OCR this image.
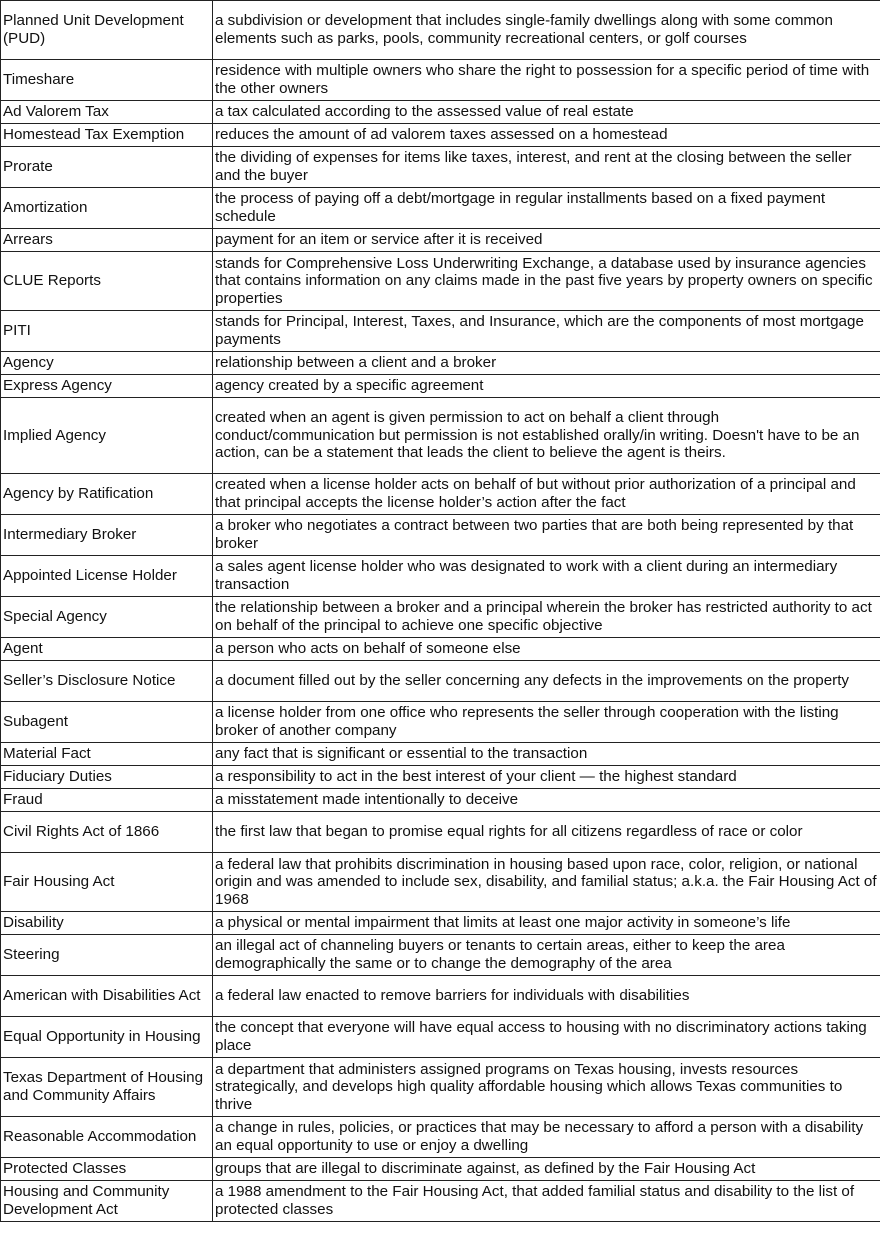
Planned Unit Development (PUD)	a subdivision or development that includes single-family dwellings along with some common elements such as parks, pools, community recreational centers, or golf courses
Timeshare	residence with multiple owners who share the right to possession for a specific period of time with the other owners
Ad Valorem Tax	a tax calculated according to the assessed value of real estate
Homestead Tax Exemption	reduces the amount of ad valorem taxes assessed on a homestead
Prorate	the dividing of expenses for items like taxes, interest, and rent at the closing between the seller and the buyer
Amortization	the process of paying off a debt/mortgage in regular installments based on a fixed payment schedule
Arrears	payment for an item or service after it is received
CLUE Reports	stands for Comprehensive Loss Underwriting Exchange, a database used by insurance agencies that contains information on any claims made in the past five years by property owners on specific properties
PITI	stands for Principal, Interest, Taxes, and Insurance, which are the components of most mortgage payments
Agency	relationship between a client and a broker
Express Agency	agency created by a specific agreement
Implied Agency	created when an agent is given permission to act on behalf a client through conduct/communication but permission is not established orally/in writing. Doesn't have to be an action, can be a statement that leads the client to believe the agent is theirs.
Agency by Ratification	created when a license holder acts on behalf of but without prior authorization of a principal and that principal accepts the license holder’s action after the fact
Intermediary Broker	a broker who negotiates a contract between two parties that are both being represented by that broker
Appointed License Holder	a sales agent license holder who was designated to work with a client during an intermediary transaction
Special Agency	the relationship between a broker and a principal wherein the broker has restricted authority to act on behalf of the principal to achieve one specific objective
Agent	a person who acts on behalf of someone else
Seller’s Disclosure Notice	a document filled out by the seller concerning any defects in the improvements on the property
Subagent	a license holder from one office who represents the seller through cooperation with the listing broker of another company
Material Fact	any fact that is significant or essential to the transaction
Fiduciary Duties	a responsibility to act in the best interest of your client — the highest standard
Fraud	a misstatement made intentionally to deceive
Civil Rights Act of 1866	the first law that began to promise equal rights for all citizens regardless of race or color
Fair Housing Act	a federal law that prohibits discrimination in housing based upon race, color, religion, or national origin and was amended to include sex, disability, and familial status; a.k.a. the Fair Housing Act of 1968
Disability	a physical or mental impairment that limits at least one major activity in someone’s life
Steering	an illegal act of channeling buyers or tenants to certain areas, either to keep the area demographically the same or to change the demography of the area
American with Disabilities Act	a federal law enacted to remove barriers for individuals with disabilities
Equal Opportunity in Housing	the concept that everyone will have equal access to housing with no discriminatory actions taking place
Texas Department of Housing and Community Affairs	a department that administers assigned programs on Texas housing, invests resources strategically, and develops high quality affordable housing which allows Texas communities to thrive
Reasonable Accommodation	a change in rules, policies, or practices that may be necessary to afford a person with a disability an equal opportunity to use or enjoy a dwelling
Protected Classes	groups that are illegal to discriminate against, as defined by the Fair Housing Act
Housing and Community Development Act	a 1988 amendment to the Fair Housing Act, that added familial status and disability to the list of protected classes
